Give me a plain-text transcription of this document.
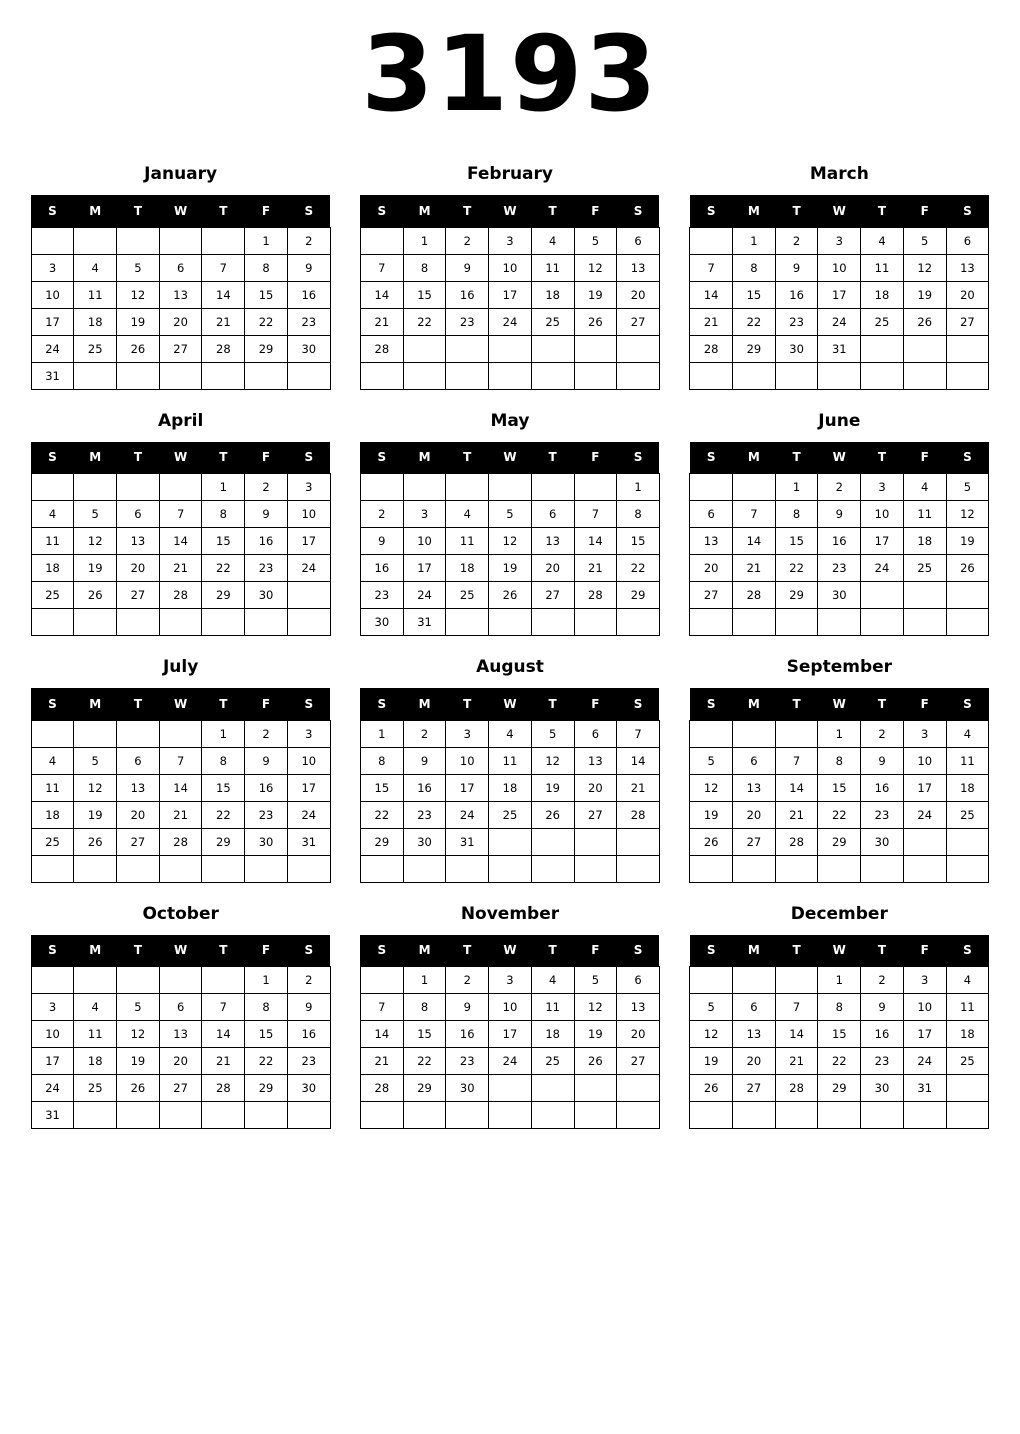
3193
January
S	M	T	W	T	F	S
					1	2
3	4	5	6	7	8	9
10	11	12	13	14	15	16
17	18	19	20	21	22	23
24	25	26	27	28	29	30
31						
February
S	M	T	W	T	F	S
	1	2	3	4	5	6
7	8	9	10	11	12	13
14	15	16	17	18	19	20
21	22	23	24	25	26	27
28						

March
S	M	T	W	T	F	S
	1	2	3	4	5	6
7	8	9	10	11	12	13
14	15	16	17	18	19	20
21	22	23	24	25	26	27
28	29	30	31			

April
S	M	T	W	T	F	S
				1	2	3
4	5	6	7	8	9	10
11	12	13	14	15	16	17
18	19	20	21	22	23	24
25	26	27	28	29	30	

May
S	M	T	W	T	F	S
						1
2	3	4	5	6	7	8
9	10	11	12	13	14	15
16	17	18	19	20	21	22
23	24	25	26	27	28	29
30	31					
June
S	M	T	W	T	F	S
		1	2	3	4	5
6	7	8	9	10	11	12
13	14	15	16	17	18	19
20	21	22	23	24	25	26
27	28	29	30			

July
S	M	T	W	T	F	S
				1	2	3
4	5	6	7	8	9	10
11	12	13	14	15	16	17
18	19	20	21	22	23	24
25	26	27	28	29	30	31

August
S	M	T	W	T	F	S
1	2	3	4	5	6	7
8	9	10	11	12	13	14
15	16	17	18	19	20	21
22	23	24	25	26	27	28
29	30	31				

September
S	M	T	W	T	F	S
			1	2	3	4
5	6	7	8	9	10	11
12	13	14	15	16	17	18
19	20	21	22	23	24	25
26	27	28	29	30		

October
S	M	T	W	T	F	S
					1	2
3	4	5	6	7	8	9
10	11	12	13	14	15	16
17	18	19	20	21	22	23
24	25	26	27	28	29	30
31						
November
S	M	T	W	T	F	S
	1	2	3	4	5	6
7	8	9	10	11	12	13
14	15	16	17	18	19	20
21	22	23	24	25	26	27
28	29	30				

December
S	M	T	W	T	F	S
			1	2	3	4
5	6	7	8	9	10	11
12	13	14	15	16	17	18
19	20	21	22	23	24	25
26	27	28	29	30	31	
